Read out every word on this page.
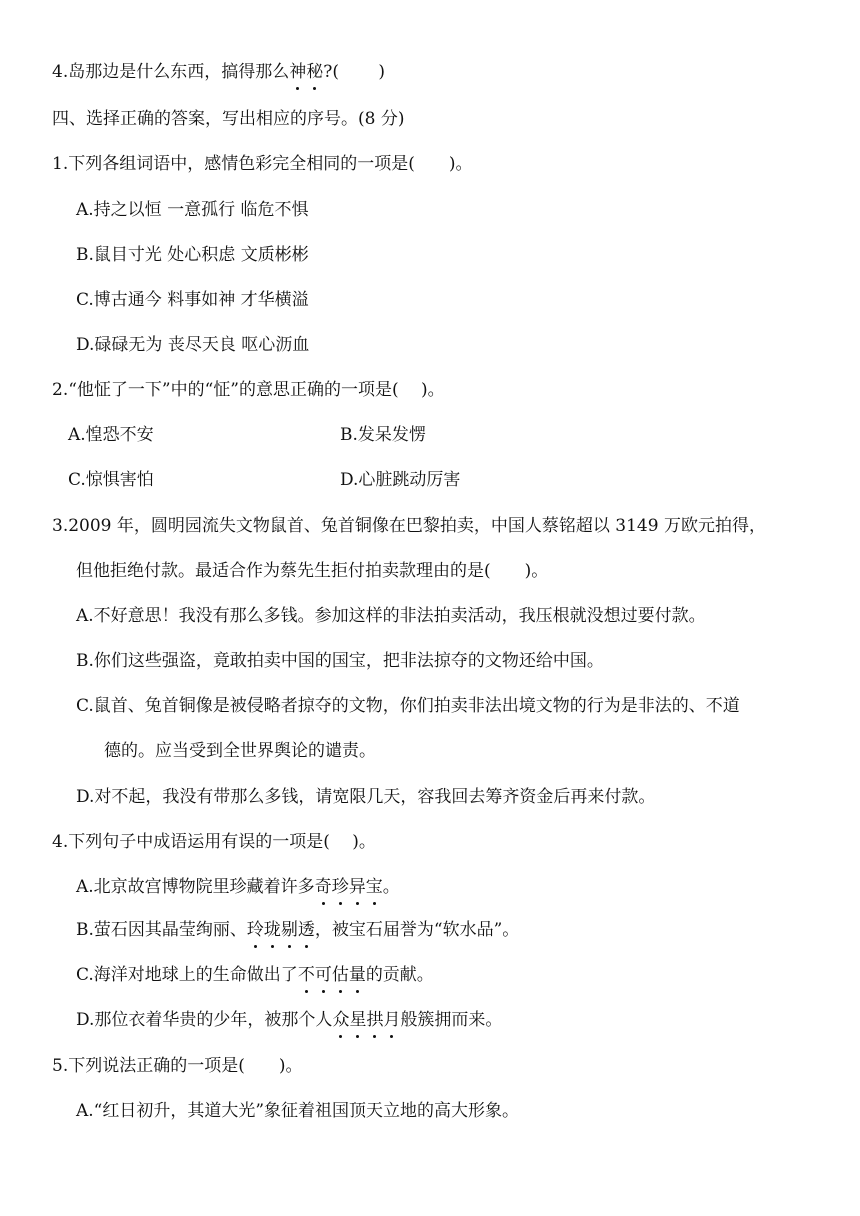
4.岛那边是什么东西，搞得那么神秘?(　　 )
四、选择正确的答案，写出相应的序号。(8 分)
1.下列各组词语中，感情色彩完全相同的一项是(　　)。
A.持之以恒 一意孤行 临危不惧
B.鼠目寸光 处心积虑 文质彬彬
C.博古通今 料事如神 才华横溢
D.碌碌无为 丧尽天良 呕心沥血
2.“他怔了一下”中的“怔”的意思正确的一项是(　 )。
A.惶恐不安	B.发呆发愣
C.惊惧害怕	D.心脏跳动厉害
3.2009 年，圆明园流失文物鼠首、兔首铜像在巴黎拍卖，中国人蔡铭超以 3149 万欧元拍得，
但他拒绝付款。最适合作为蔡先生拒付拍卖款理由的是(　　)。
A.不好意思！我没有那么多钱。参加这样的非法拍卖活动，我压根就没想过要付款。
B.你们这些强盗，竟敢拍卖中国的国宝，把非法掠夺的文物还给中国。
C.鼠首、兔首铜像是被侵略者掠夺的文物，你们拍卖非法出境文物的行为是非法的、不道
德的。应当受到全世界舆论的谴责。
D.对不起，我没有带那么多钱，请宽限几天，容我回去筹齐资金后再来付款。
4.下列句子中成语运用有误的一项是(　 )。
A.北京故宫博物院里珍藏着许多奇珍异宝。
B.萤石因其晶莹绚丽、玲珑剔透，被宝石届誉为“软水品”。
C.海洋对地球上的生命做出了不可估量的贡献。
D.那位衣着华贵的少年，被那个人众星拱月般簇拥而来。
5.下列说法正确的一项是(　　)。
A.“红日初升，其道大光”象征着祖国顶天立地的高大形象。
